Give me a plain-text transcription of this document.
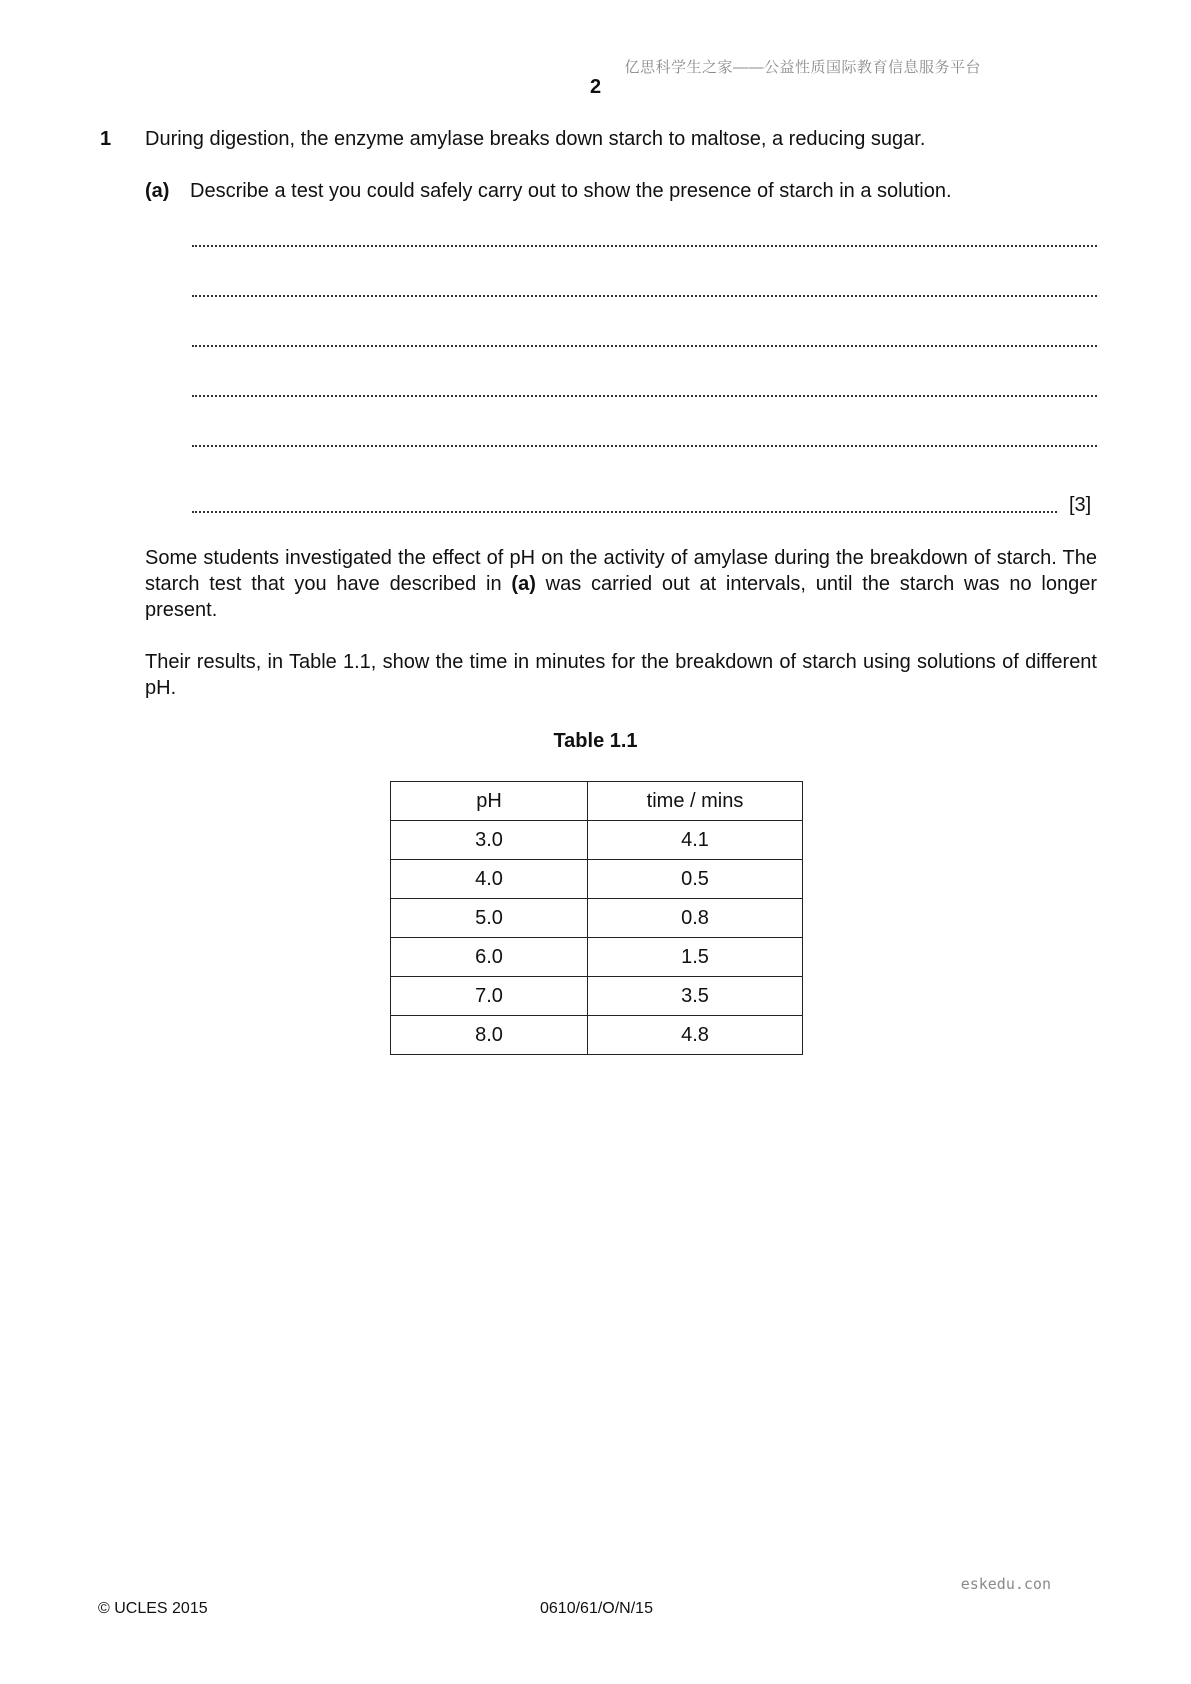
亿思科学生之家——公益性质国际教育信息服务平台
2
1 During digestion, the enzyme amylase breaks down starch to maltose, a reducing sugar.
(a) Describe a test you could safely carry out to show the presence of starch in a solution.
[3]
Some students investigated the effect of pH on the activity of amylase during the breakdown of starch. The starch test that you have described in (a) was carried out at intervals, until the starch was no longer present.
Their results, in Table 1.1, show the time in minutes for the breakdown of starch using solutions of different pH.
Table 1.1
pH	time / mins
3.0	4.1
4.0	0.5
5.0	0.8
6.0	1.5
7.0	3.5
8.0	4.8
eskedu.con
© UCLES 2015	0610/61/O/N/15
